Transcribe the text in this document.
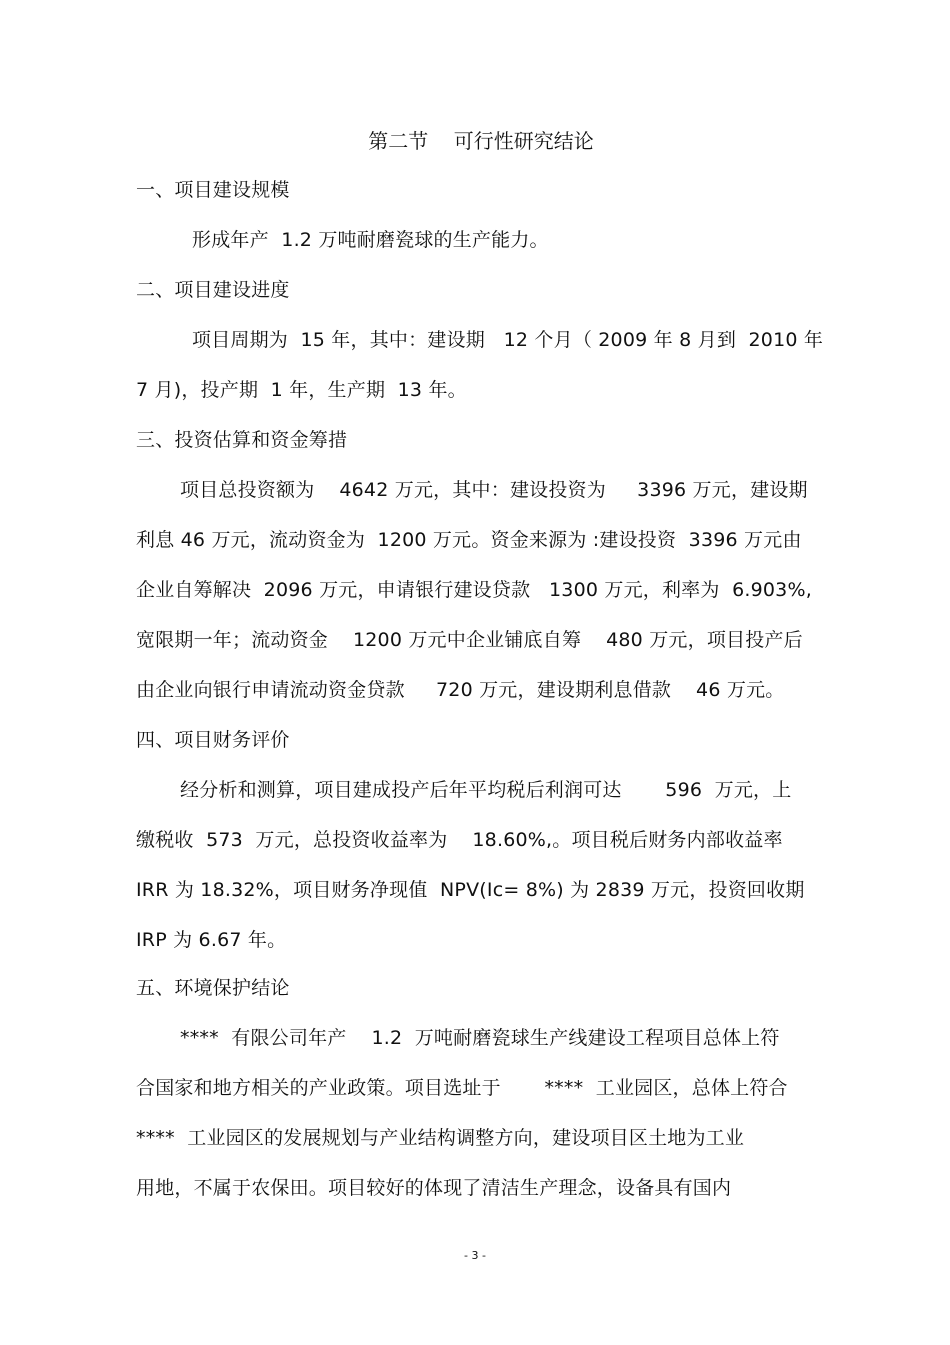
第二节    可行性研究结论
一、项目建设规模
形成年产  1.2 万吨耐磨瓷球的生产能力。
二、项目建设进度
项目周期为  15 年，其中：建设期   12 个月（ 2009 年 8 月到  2010 年
7 月)，投产期  1 年，生产期  13 年。
三、投资估算和资金筹措
项目总投资额为    4642 万元，其中：建设投资为     3396 万元，建设期
利息 46 万元，流动资金为  1200 万元。资金来源为 :建设投资  3396 万元由
企业自筹解决  2096 万元，申请银行建设贷款   1300 万元，利率为  6.903%,
宽限期一年；流动资金    1200 万元中企业铺底自筹    480 万元，项目投产后
由企业向银行申请流动资金贷款     720 万元，建设期利息借款    46 万元。
四、项目财务评价
经分析和测算，项目建成投产后年平均税后利润可达       596  万元，上
缴税收  573  万元，总投资收益率为    18.60%,。项目税后财务内部收益率
IRR 为 18.32%，项目财务净现值  NPV(Ic= 8%) 为 2839 万元，投资回收期
IRP 为 6.67 年。
五、环境保护结论
****  有限公司年产    1.2  万吨耐磨瓷球生产线建设工程项目总体上符
合国家和地方相关的产业政策。项目选址于       ****  工业园区，总体上符合
****  工业园区的发展规划与产业结构调整方向，建设项目区土地为工业
用地，不属于农保田。项目较好的体现了清洁生产理念，设备具有国内
- 3 -
